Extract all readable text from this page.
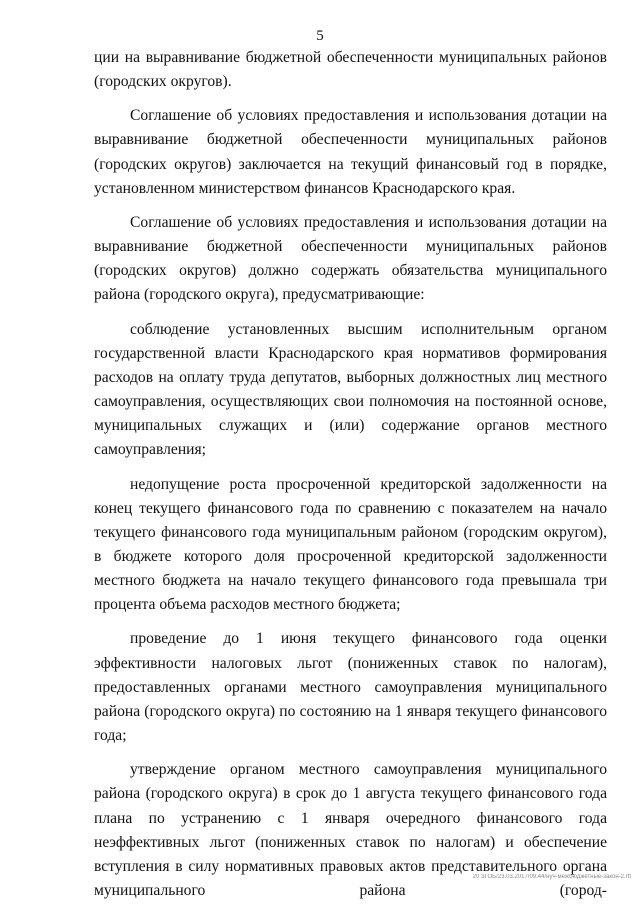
5

ции на выравнивание бюджетной обеспеченности муниципальных районов (городских округов).

Соглашение об условиях предоставления и использования дотации на выравнивание бюджетной обеспеченности муниципальных районов (городских округов) заключается на текущий финансовый год в порядке, установленном министерством финансов Краснодарского края.

Соглашение об условиях предоставления и использования дотации на выравнивание бюджетной обеспеченности муниципальных районов (городских округов) должно содержать обязательства муниципального района (городского округа), предусматривающие:

соблюдение установленных высшим исполнительным органом государственной власти Краснодарского края нормативов формирования расходов на оплату труда депутатов, выборных должностных лиц местного самоуправления, осуществляющих свои полномочия на постоянной основе, муниципальных служащих и (или) содержание органов местного самоуправления;

недопущение роста просроченной кредиторской задолженности на конец текущего финансового года по сравнению с показателем на начало текущего финансового года муниципальным районом (городским округом), в бюджете которого доля просроченной кредиторской задолженности местного бюджета на начало текущего финансового года превышала три процента объема расходов местного бюджета;

проведение до 1 июня текущего финансового года оценки эффективности налоговых льгот (пониженных ставок по налогам), предоставленных органами местного самоуправления муниципального района (городского округа) по состоянию на 1 января текущего финансового года;

утверждение органом местного самоуправления муниципального района (городского округа) в срок до 1 августа текущего финансового года плана по устранению с 1 января очередного финансового года неэффективных льгот (пониженных ставок по налогам) и обеспечение вступления в силу нормативных правовых актов представительного органа муниципального района (город-

20 ЗГОБ/23.03.2017/09:44/нуч-межбюджетные-закон-2.rtf
